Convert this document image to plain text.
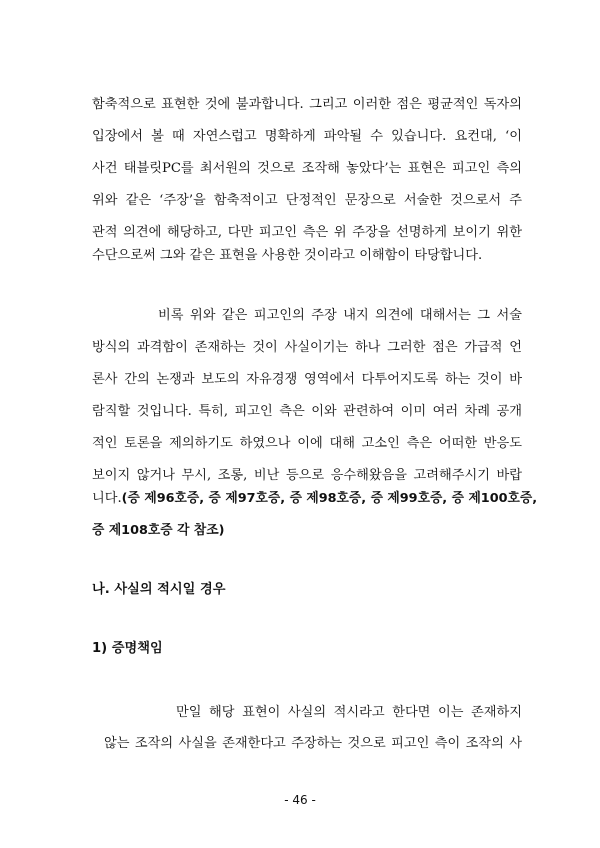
함축적으로 표현한 것에 불과합니다. 그리고 이러한 점은 평균적인 독자의
입장에서 볼 때 자연스럽고 명확하게 파악될 수 있습니다. 요컨대, ‘이
사건 태블릿PC를 최서원의 것으로 조작해 놓았다’는 표현은 피고인 측의
위와 같은 ‘주장’을 함축적이고 단정적인 문장으로 서술한 것으로서 주
관적 의견에 해당하고, 다만 피고인 측은 위 주장을 선명하게 보이기 위한
수단으로써 그와 같은 표현을 사용한 것이라고 이해함이 타당합니다.
비록 위와 같은 피고인의 주장 내지 의견에 대해서는 그 서술
방식의 과격함이 존재하는 것이 사실이기는 하나 그러한 점은 가급적 언
론사 간의 논쟁과 보도의 자유경쟁 영역에서 다투어지도록 하는 것이 바
람직할 것입니다. 특히, 피고인 측은 이와 관련하여 이미 여러 차례 공개
적인 토론을 제의하기도 하였으나 이에 대해 고소인 측은 어떠한 반응도
보이지 않거나 무시, 조롱, 비난 등으로 응수해왔음을 고려해주시기 바랍
니다.(증 제96호증, 증 제97호증, 증 제98호증, 증 제99호증, 증 제100호증,
증 제108호증 각 참조)
나. 사실의 적시일 경우
1) 증명책임
만일 해당 표현이 사실의 적시라고 한다면 이는 존재하지
않는 조작의 사실을 존재한다고 주장하는 것으로 피고인 측이 조작의 사
- 46 -
